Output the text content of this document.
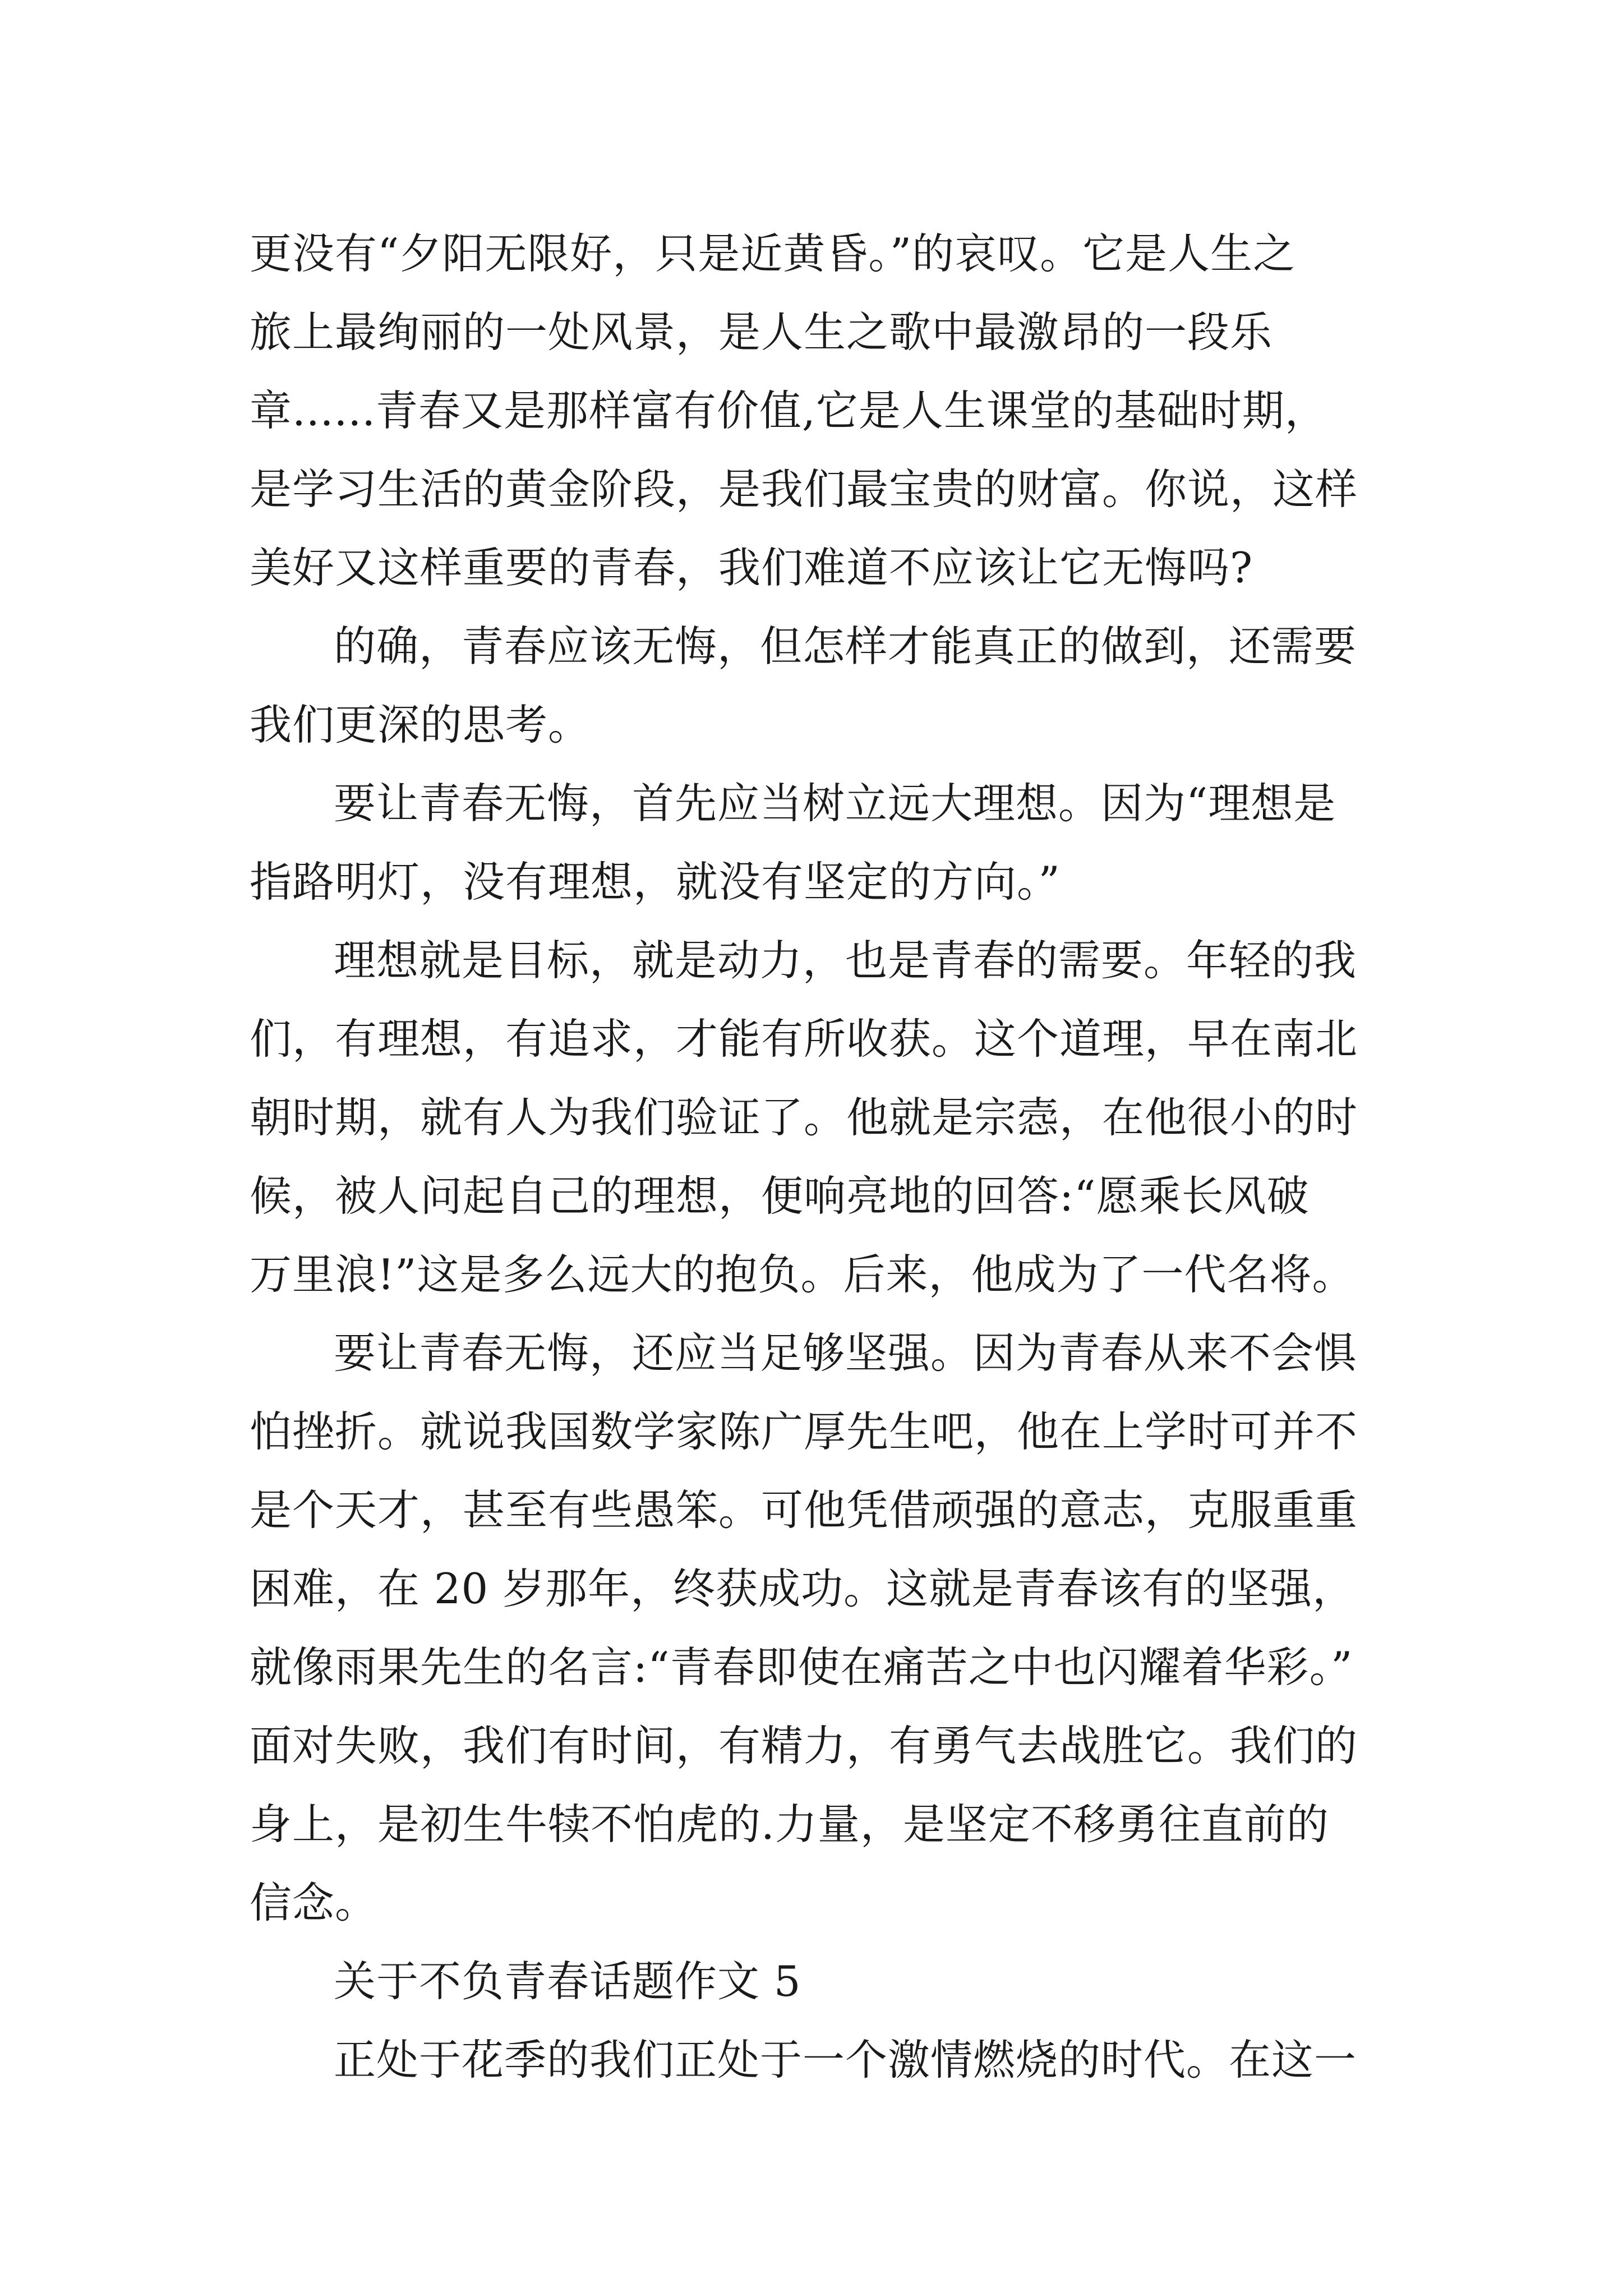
更没有“夕阳无限好，只是近黄昏。”的哀叹。它是人生之
旅上最绚丽的一处风景，是人生之歌中最激昂的一段乐
章......青春又是那样富有价值,它是人生课堂的基础时期，
是学习生活的黄金阶段，是我们最宝贵的财富。你说，这样
美好又这样重要的青春，我们难道不应该让它无悔吗?
的确，青春应该无悔，但怎样才能真正的做到，还需要
我们更深的思考。
要让青春无悔，首先应当树立远大理想。因为“理想是
指路明灯，没有理想，就没有坚定的方向。”
理想就是目标，就是动力，也是青春的需要。年轻的我
们，有理想，有追求，才能有所收获。这个道理，早在南北
朝时期，就有人为我们验证了。他就是宗悫，在他很小的时
候，被人问起自己的理想，便响亮地的回答:“愿乘长风破
万里浪!”这是多么远大的抱负。后来，他成为了一代名将。
要让青春无悔，还应当足够坚强。因为青春从来不会惧
怕挫折。就说我国数学家陈广厚先生吧，他在上学时可并不
是个天才，甚至有些愚笨。可他凭借顽强的意志，克服重重
困难，在 20 岁那年，终获成功。这就是青春该有的坚强，
就像雨果先生的名言:“青春即使在痛苦之中也闪耀着华彩。”
面对失败，我们有时间，有精力，有勇气去战胜它。我们的
身上，是初生牛犊不怕虎的.力量，是坚定不移勇往直前的
信念。
关于不负青春话题作文 5
正处于花季的我们正处于一个激情燃烧的时代。在这一
